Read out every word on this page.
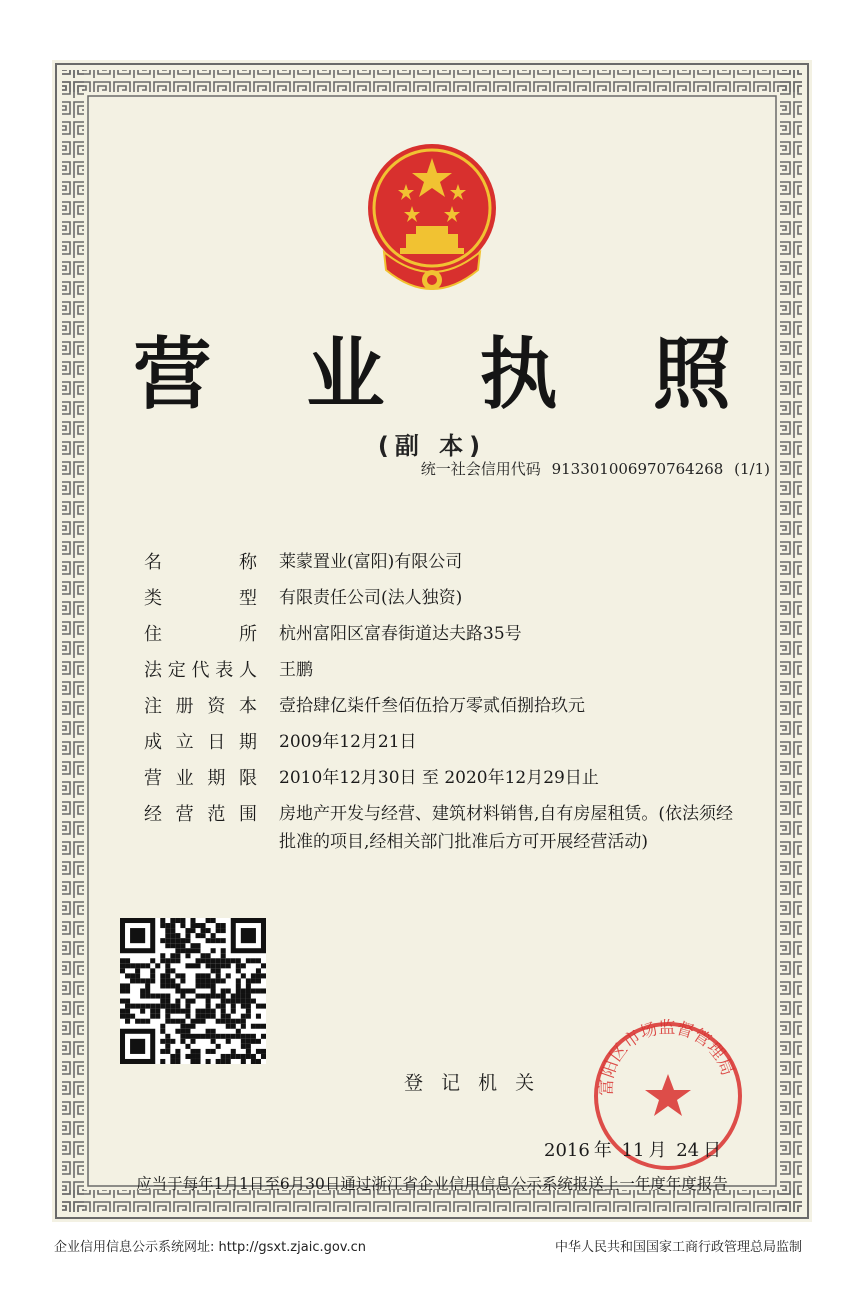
营 业 执 照
(副 本)
统一社会信用代码 913301006970764268 (1/1)
名 称 莱蒙置业(富阳)有限公司
类 型 有限责任公司(法人独资)
住 所 杭州富阳区富春街道达夫路35号
法定代表人 王鹏
注册资本 壹拾肆亿柒仟叁佰伍拾万零贰佰捌拾玖元
成立日期 2009年12月21日
营业期限 2010年12月30日 至 2020年12月29日止
经营范围 房地产开发与经营、建筑材料销售,自有房屋租赁。(依法须经
批准的项目,经相关部门批准后方可开展经营活动)
登 记 机 关	富阳区市场监督管理局
2016 年 11 月 24 日
应当于每年1月1日至6月30日通过浙江省企业信用信息公示系统报送上一年度年度报告
企业信用信息公示系统网址: http://gsxt.zjaic.gov.cn	中华人民共和国国家工商行政管理总局监制
